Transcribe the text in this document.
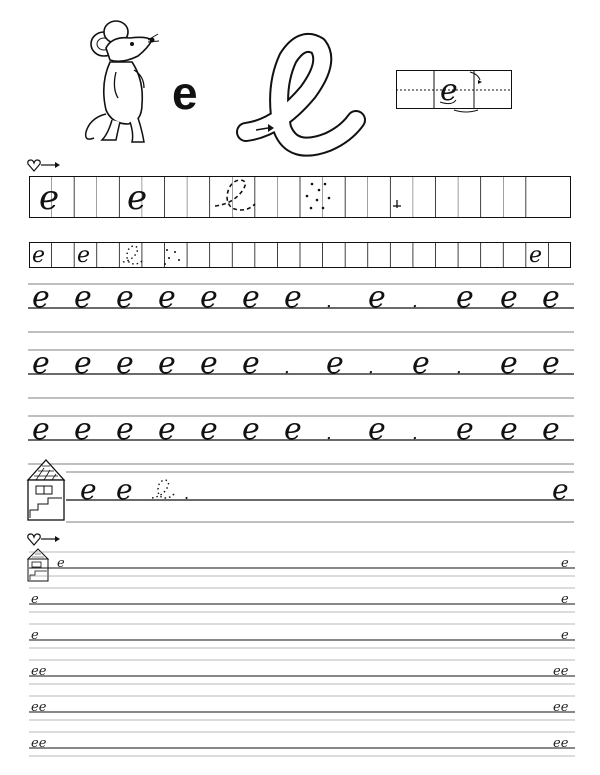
e	e
e e
e e	e
e e e e e e e . e . e e e
e e e e e e . e . e . e e
e e e e e e e . e . e e e
e e	.	e
e	e
e	e
e	e
ee	ee
ee	ee
ee	ee
